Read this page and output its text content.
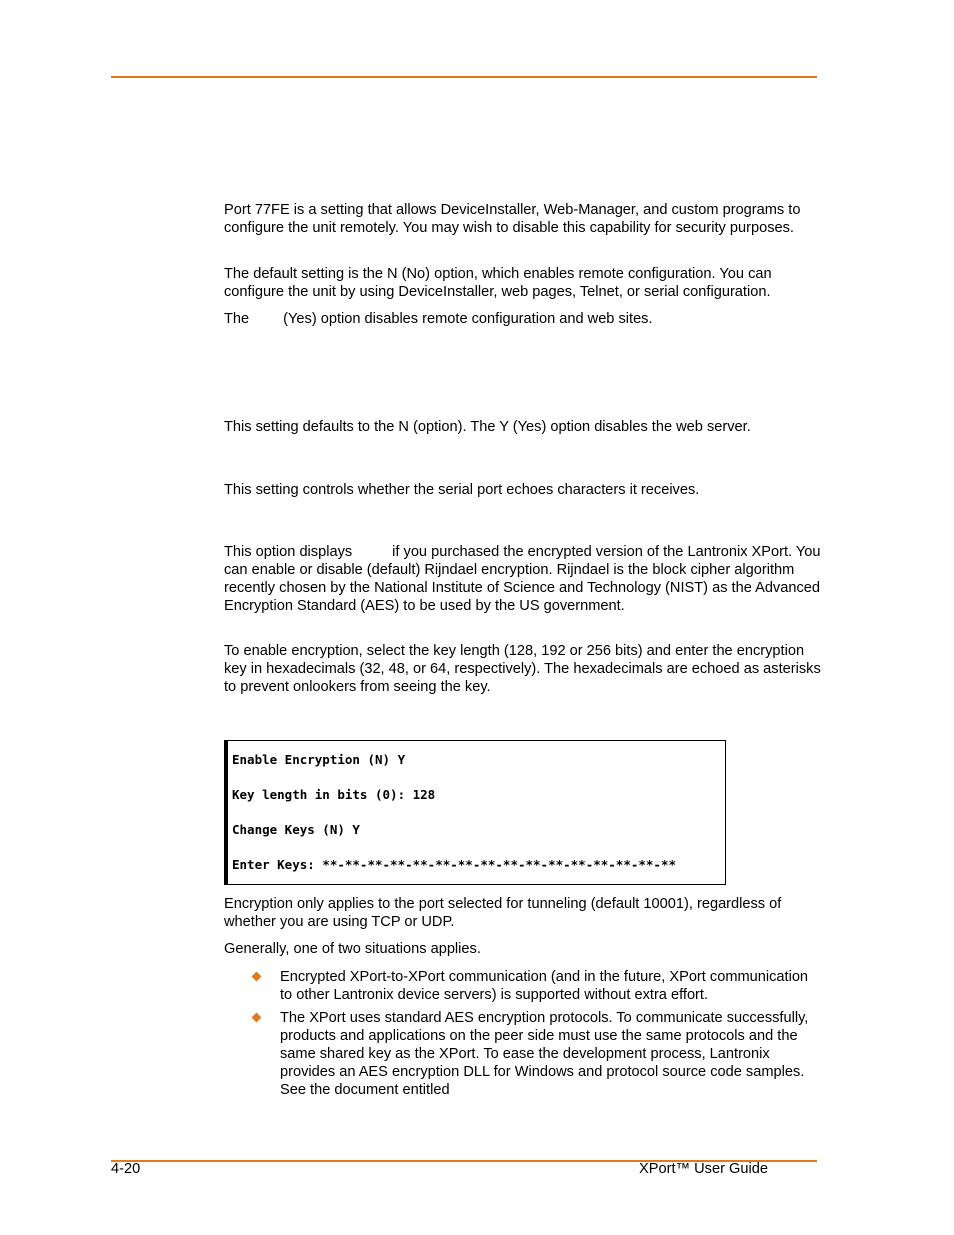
Port 77FE is a setting that allows DeviceInstaller, Web-Manager, and custom programs to configure the unit remotely. You may wish to disable this capability for security purposes.

The default setting is the N (No) option, which enables remote configuration. You can configure the unit by using DeviceInstaller, web pages, Telnet, or serial configuration.

The (Yes) option disables remote configuration and web sites.

This setting defaults to the N (option). The Y (Yes) option disables the web server.

This setting controls whether the serial port echoes characters it receives.

This option displays	if you purchased the encrypted version of the Lantronix XPort. You can enable or disable (default) Rijndael encryption. Rijndael is the block cipher algorithm recently chosen by the National Institute of Science and Technology (NIST) as the Advanced Encryption Standard (AES) to be used by the US government.

To enable encryption, select the key length (128, 192 or 256 bits) and enter the encryption key in hexadecimals (32, 48, or 64, respectively). The hexadecimals are echoed as asterisks to prevent onlookers from seeing the key.

Enable Encryption (N) Y
Key length in bits (0): 128
Change Keys (N) Y
Enter Keys: **-**-**-**-**-**-**-**-**-**-**-**-**-**-**-**

Encryption only applies to the port selected for tunneling (default 10001), regardless of whether you are using TCP or UDP.

Generally, one of two situations applies.

Encrypted XPort-to-XPort communication (and in the future, XPort communication to other Lantronix device servers) is supported without extra effort.
The XPort uses standard AES encryption protocols. To communicate successfully, products and applications on the peer side must use the same protocols and the same shared key as the XPort. To ease the development process, Lantronix provides an AES encryption DLL for Windows and protocol source code samples. See the document entitled
4-20	XPort™ User Guide
